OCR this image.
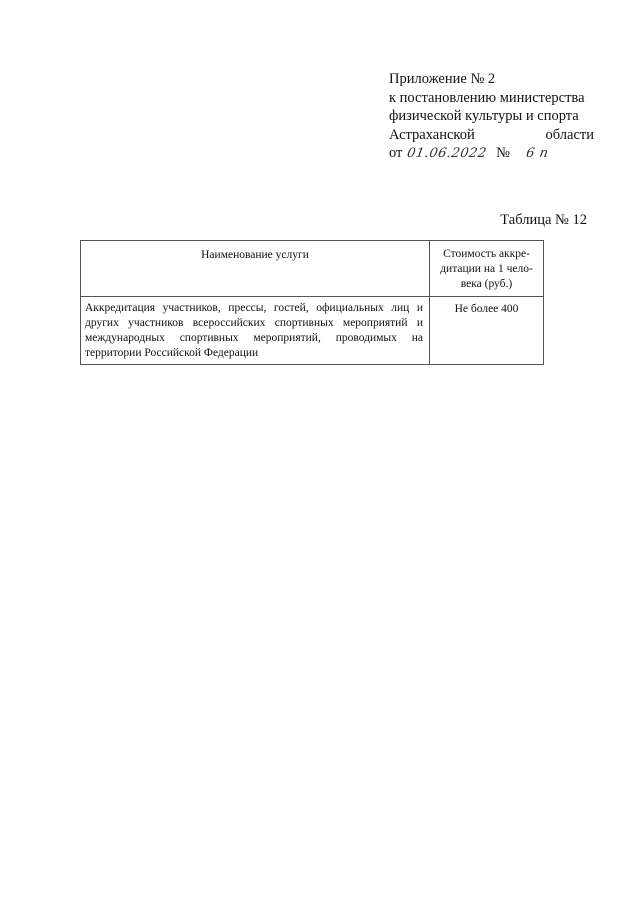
Приложение № 2
к постановлению министерства
физической культуры и спорта
Астраханской	области
от 01.06.2022 № 6 п
Таблица № 12
Наименование услуги	Стоимость аккре-дитации на 1 чело-века (руб.)
Аккредитация участников, прессы, гостей, официальных лиц и других участников всероссийских спортивных мероприятий и международных спортивных мероприятий, проводимых на территории Российской Федерации	Не более 400
